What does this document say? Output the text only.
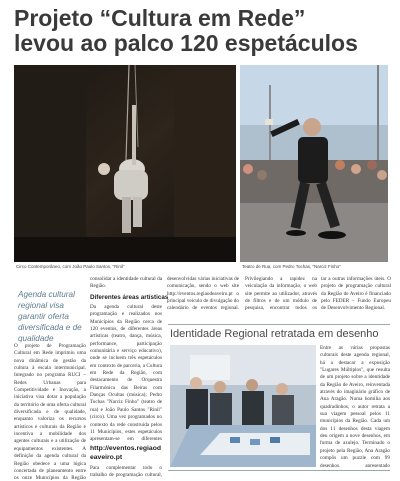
Projeto “Cultura em Rede”
levou ao palco 120 espetáculos
Circo Contemporâneo, com João Paulo Santos, "Rinil"	Teatro de Rua, com Pedro Tochas, "Narciz Finho"
Agenda cultural regional visa garantir oferta diversificada e de qualidade
O projeto de Programação Cultural em Rede imprimiu uma nova dinâmica de gestão da cultura à escala intermunicipal. Integrado no programa RUCI – Redes Urbanas para Competitividade e Inovação, a iniciativa visa dotar a população do território de uma oferta cultural diversificada e de qualidade, enquanto valoriza os recursos artísticos e culturais da Região e incentiva a mobilidade dos agentes culturais e a utilização de equipamentos existentes. A definição da agenda cultural da Região obedece a uma lógica concertada de planeamento entre os onze Municípios da Região
consolidar a identidade cultural da Região.
Diferentes áreas artísticas
Da agenda cultural deste programação e realizados nos Municípios da Região cerca de 120 eventos, de diferentes áreas artísticas (teatro, dança, música, performance, participação comunitária e serviço educativo), onde se incluem três espetáculos em contexto de parceria, a Cultura em Rede da Região, com destacamento de Orquestra Filarmónica das Beiras com Danças Ocultas (música); Pedro Tochas "Narciz Finho" (teatro de rua) e João Paulo Santos "Rinil" (circo). Uma vez programados no contexto da rede construída pelos 11 Municípios, estes espetáculos apresentam-se em diferentes
http://eventos.regiaodeaveiro.pt
Para complementar todo o trabalho de programação cultural,
desenvolvidas várias iniciativas de comunicação, sendo o web site http://eventos.regiaodeaveiro.pt o principal veículo de divulgação do calendário de eventos regional. Privilegiando a rapidez na veiculação da informação, o web site permite ao utilizador, através de filtros e de um módulo de pesquisa, encontrar todos os
tar a outras informações úteis. O projeto de programação cultural da Região de Aveiro é financiado pelo FEDER – Fundo Europeu de Desenvolvimento Regional.
Identidade Regional retratada em desenho
Entre as várias propostas culturais deste agenda regional, há a destacar a exposição "Lugares Múltiplos", que resulta de um projeto sobre a identidade da Região de Aveiro, reinventada através do imaginário gráfico de Ana Aragão. Numa homilia aos quadradinhos, o autor retrata a sua viagem pessoal pelos 11 municípios da Região. Cada um dos 11 desenhos desta viagem deu origem a nove desenhos, em forma de azulejo. Terminado o projeto pela Região, Ana Aragão compôs um puzzle com 99 desenhos, apresentado
